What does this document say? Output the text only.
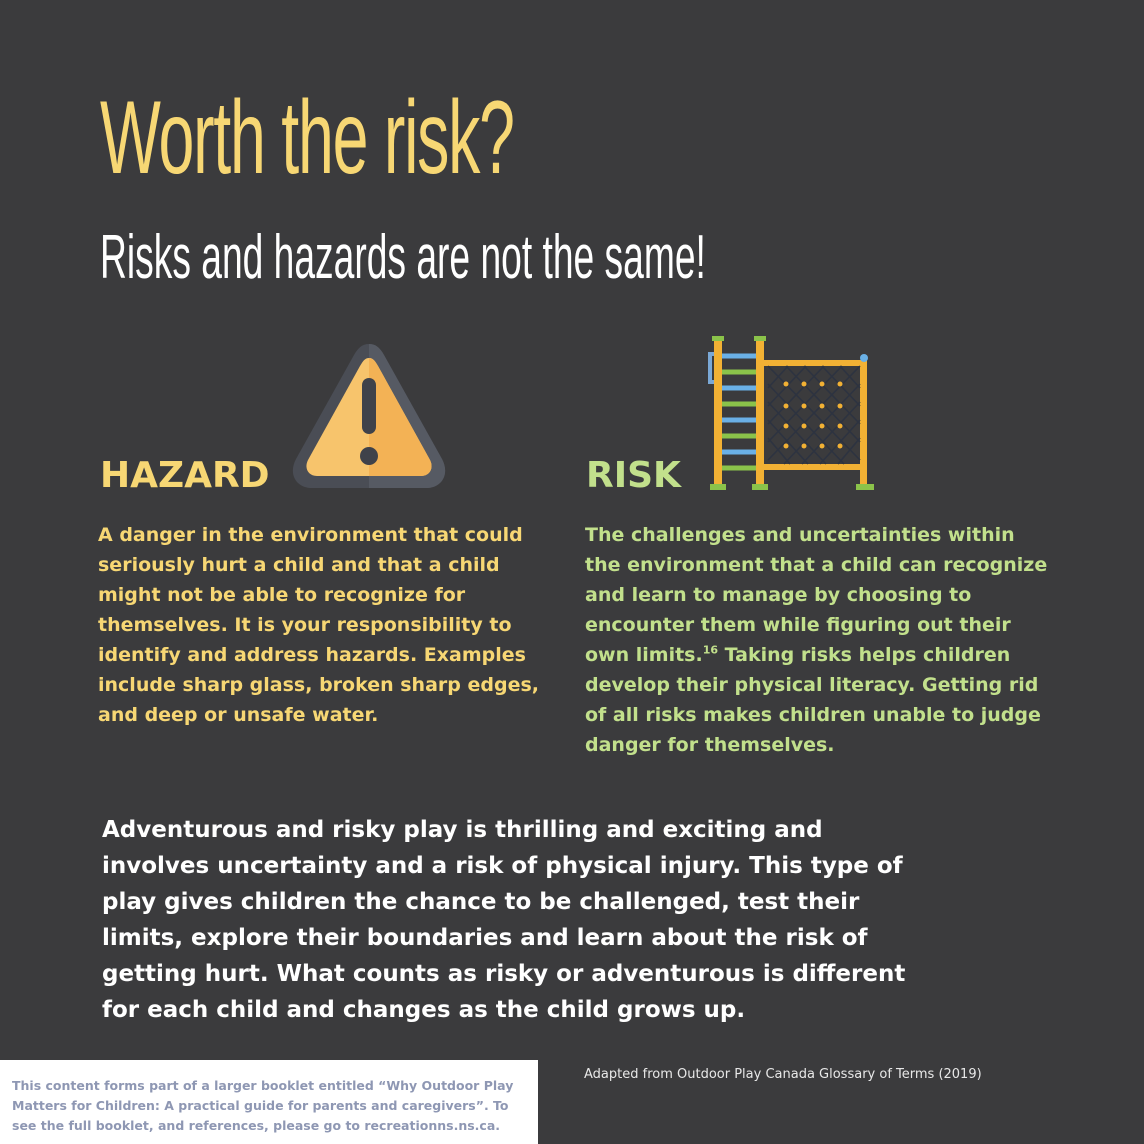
Worth the risk?
Risks and hazards are not the same!
HAZARD	RISK
A danger in the environment that could seriously hurt a child and that a child might not be able to recognize for themselves. It is your responsibility to identify and address hazards. Examples include sharp glass, broken sharp edges, and deep or unsafe water.
The challenges and uncertainties within the environment that a child can recognize and learn to manage by choosing to encounter them while figuring out their own limits.$^{16}$ Taking risks helps children develop their physical literacy. Getting rid of all risks makes children unable to judge danger for themselves.
Adventurous and risky play is thrilling and exciting and involves uncertainty and a risk of physical injury. This type of play gives children the chance to be challenged, test their limits, explore their boundaries and learn about the risk of getting hurt. What counts as risky or adventurous is different for each child and changes as the child grows up.
This content forms part of a larger booklet entitled “Why Outdoor Play Matters for Children: A practical guide for parents and caregivers”. To see the full booklet, and references, please go to recreationns.ns.ca.
Adapted from Outdoor Play Canada Glossary of Terms (2019)
